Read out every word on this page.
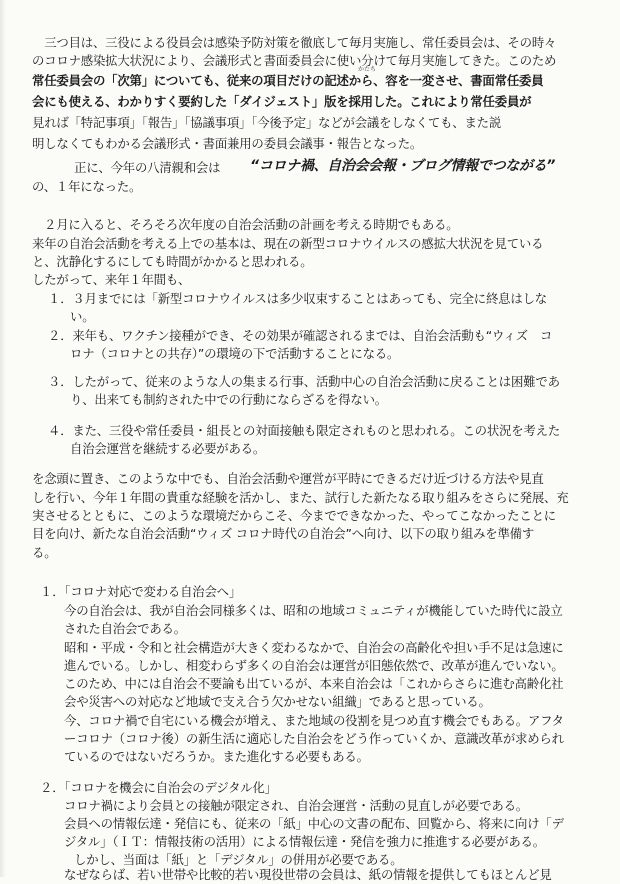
　三つ目は、三役による役員会は感染予防対策を徹底して毎月実施し、常任委員会は、その時々
のコロナ感染拡大状況により、会議形式と書面委員会に使い分けて毎月実施してきた。このため
かたち
常任委員会の「次第」についても、従来の項目だけの記述から、容を一変させ、書面常任委員
会にも使える、わかりすく要約した「ダイジェスト」版を採用した。これにより常任委員が
見れば「特記事項」「報告」「協議事項」「今後予定」などが会議をしなくても、また説
明しなくてもわかる会議形式・書面兼用の委員会議事・報告となった。
正に、今年の八清親和会は “コロナ禍、自治会会報・ブログ情報でつながる”
の、１年になった。
２月に入ると、そろそろ次年度の自治会活動の計画を考える時期でもある。
来年の自治会活動を考える上での基本は、現在の新型コロナウイルスの感拡大状況を見ている
と、沈静化するにしても時間がかかると思われる。
したがって、来年１年間も、
１．３月までには「新型コロナウイルスは多少収束することはあっても、完全に終息はしな
い。
２．来年も、ワクチン接種ができ、その効果が確認されるまでは、自治会活動も“ウィズ　コ
ロナ（コロナとの共存）”の環境の下で活動することになる。
３．したがって、従来のような人の集まる行事、活動中心の自治会活動に戻ることは困難であ
り、出来ても制約された中での行動にならざるを得ない。
４．また、三役や常任委員・組長との対面接触も限定されものと思われる。この状況を考えた
自治会運営を継続する必要がある。
を念頭に置き、このような中でも、自治会活動や運営が平時にできるだけ近づける方法や見直
しを行い、今年１年間の貴重な経験を活かし、また、試行した新たなる取り組みをさらに発展、充
実させるとともに、このような環境だからこそ、今までできなかった、やってこなかったことに
目を向け、新たな自治会活動“ウィズ コロナ時代の自治会”へ向け、以下の取り組みを準備す
る。
１．「コロナ対応で変わる自治会へ」
今の自治会は、我が自治会同様多くは、昭和の地域コミュニティが機能していた時代に設立
された自治会である。
昭和・平成・令和と社会構造が大きく変わるなかで、自治会の高齢化や担い手不足は急速に
進んでいる。しかし、相変わらず多くの自治会は運営が旧態依然で、改革が進んでいない。
このため、中には自治会不要論も出ているが、本来自治会は「これからさらに進む高齢化社
会や災害への対応など地域で支え合う欠かせない組織」であると思っている。
今、コロナ禍で自宅にいる機会が増え、また地域の役割を見つめ直す機会でもある。アフタ
ーコロナ（コロナ後）の新生活に適応した自治会をどう作っていくか、意識改革が求められ
ているのではないだろうか。また進化する必要もある。
２．「コロナを機会に自治会のデジタル化」
コロナ禍により会員との接触が限定され、自治会運営・活動の見直しが必要である。
会員への情報伝達・発信にも、従来の「紙」中心の文書の配布、回覧から、将来に向け「デ
ジタル」（ＩＴ：情報技術の活用）による情報伝達・発信を強力に推進する必要がある。
しかし、当面は「紙」と「デジタル」の併用が必要である。
なぜならば、若い世帯や比較的若い現役世帯の会員は、紙の情報を提供してもほとんど見
